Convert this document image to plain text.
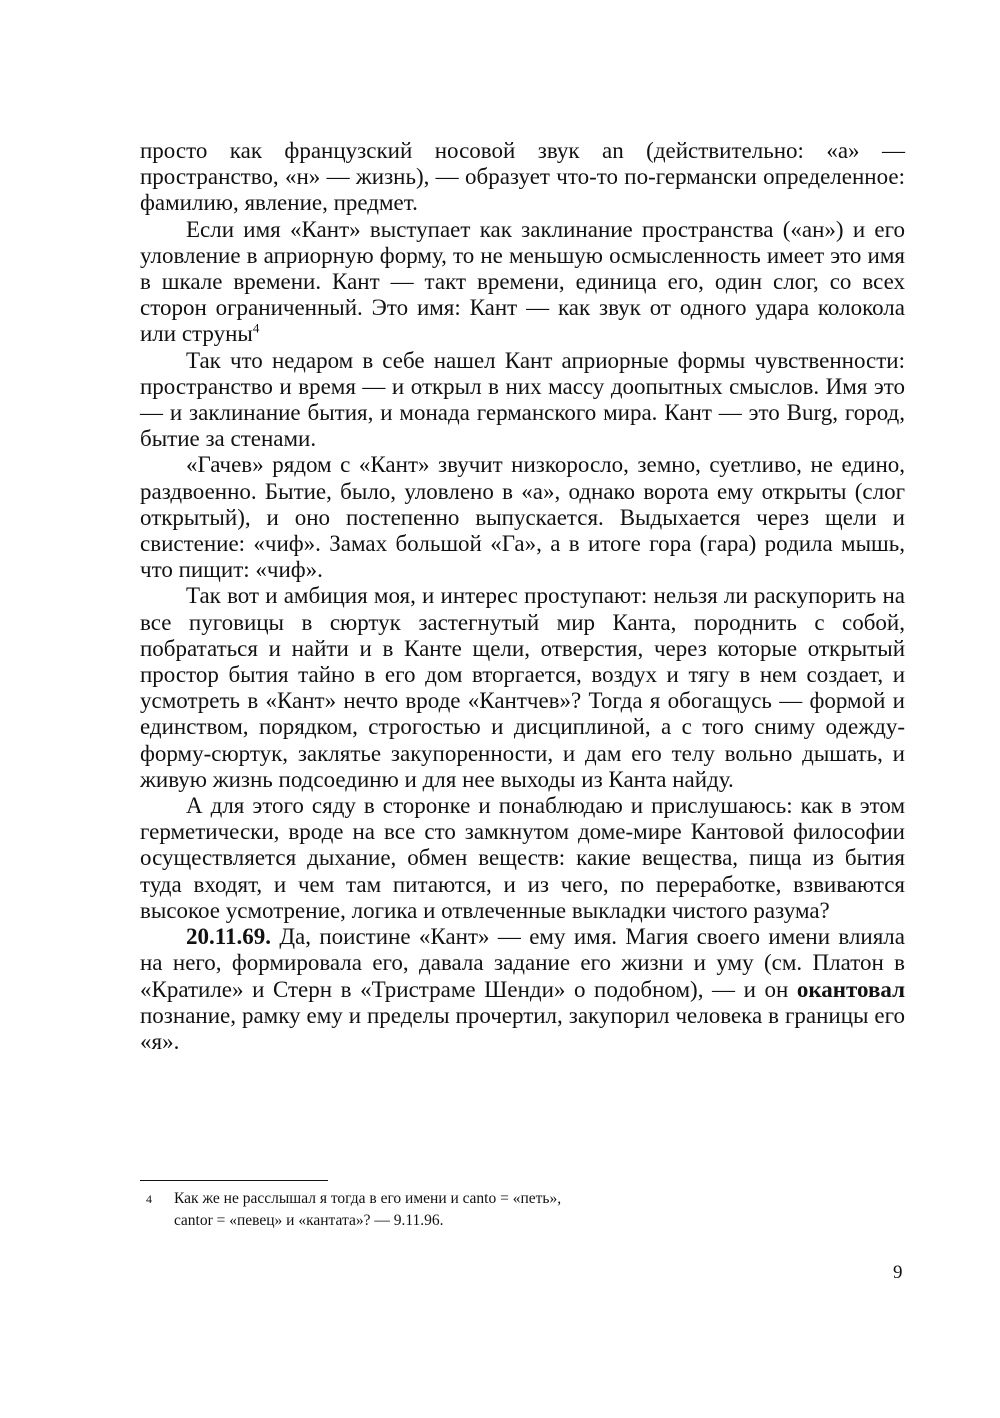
просто как французский носовой звук an (действительно: «а» — пространство, «н» — жизнь), — образует что-то по-германски определенное: фамилию, явление, предмет.

Если имя «Кант» выступает как заклинание пространства («ан») и его уловление в априорную форму, то не меньшую осмысленность имеет это имя в шкале времени. Кант — такт времени, единица его, один слог, со всех сторон ограниченный. Это имя: Кант — как звук от одного удара колокола или струны$^4$

Так что недаром в себе нашел Кант априорные формы чувственности: пространство и время — и открыл в них массу доопытных смыслов. Имя это — и заклинание бытия, и монада германского мира. Кант — это Burg, город, бытие за стенами.

«Гачев» рядом с «Кант» звучит низкоросло, земно, суетливо, не едино, раздвоенно. Бытие, было, уловлено в «а», однако ворота ему открыты (слог открытый), и оно постепенно выпускается. Выдыхается через щели и свистение: «чиф». Замах большой «Га», а в итоге гора (гара) родила мышь, что пищит: «чиф».

Так вот и амбиция моя, и интерес проступают: нельзя ли раскупорить на все пуговицы в сюртук застегнутый мир Канта, породнить с собой, побрататься и найти и в Канте щели, отверстия, через которые открытый простор бытия тайно в его дом вторгается, воздух и тягу в нем создает, и усмотреть в «Кант» нечто вроде «Кантчев»? Тогда я обогащусь — формой и единством, порядком, строгостью и дисциплиной, а с того сниму одежду-форму-сюртук, заклятье закупоренности, и дам его телу вольно дышать, и живую жизнь подсоединю и для нее выходы из Канта найду.

А для этого сяду в сторонке и понаблюдаю и прислушаюсь: как в этом герметически, вроде на все сто замкнутом доме-мире Кантовой философии осуществляется дыхание, обмен веществ: какие вещества, пища из бытия туда входят, и чем там питаются, и из чего, по переработке, взвиваются высокое усмотрение, логика и отвлеченные выкладки чистого разума?

20.11.69. Да, поистине «Кант» — ему имя. Магия своего имени влияла на него, формировала его, давала задание его жизни и уму (см. Платон в «Кратиле» и Стерн в «Тристраме Шенди» о подобном), — и он окантовал познание, рамку ему и пределы прочертил, закупорил человека в границы его «я».

4 Как же не расслышал я тогда в его имени и canto = «петь»,
cantor = «певец» и «кантата»? — 9.11.96.
9
